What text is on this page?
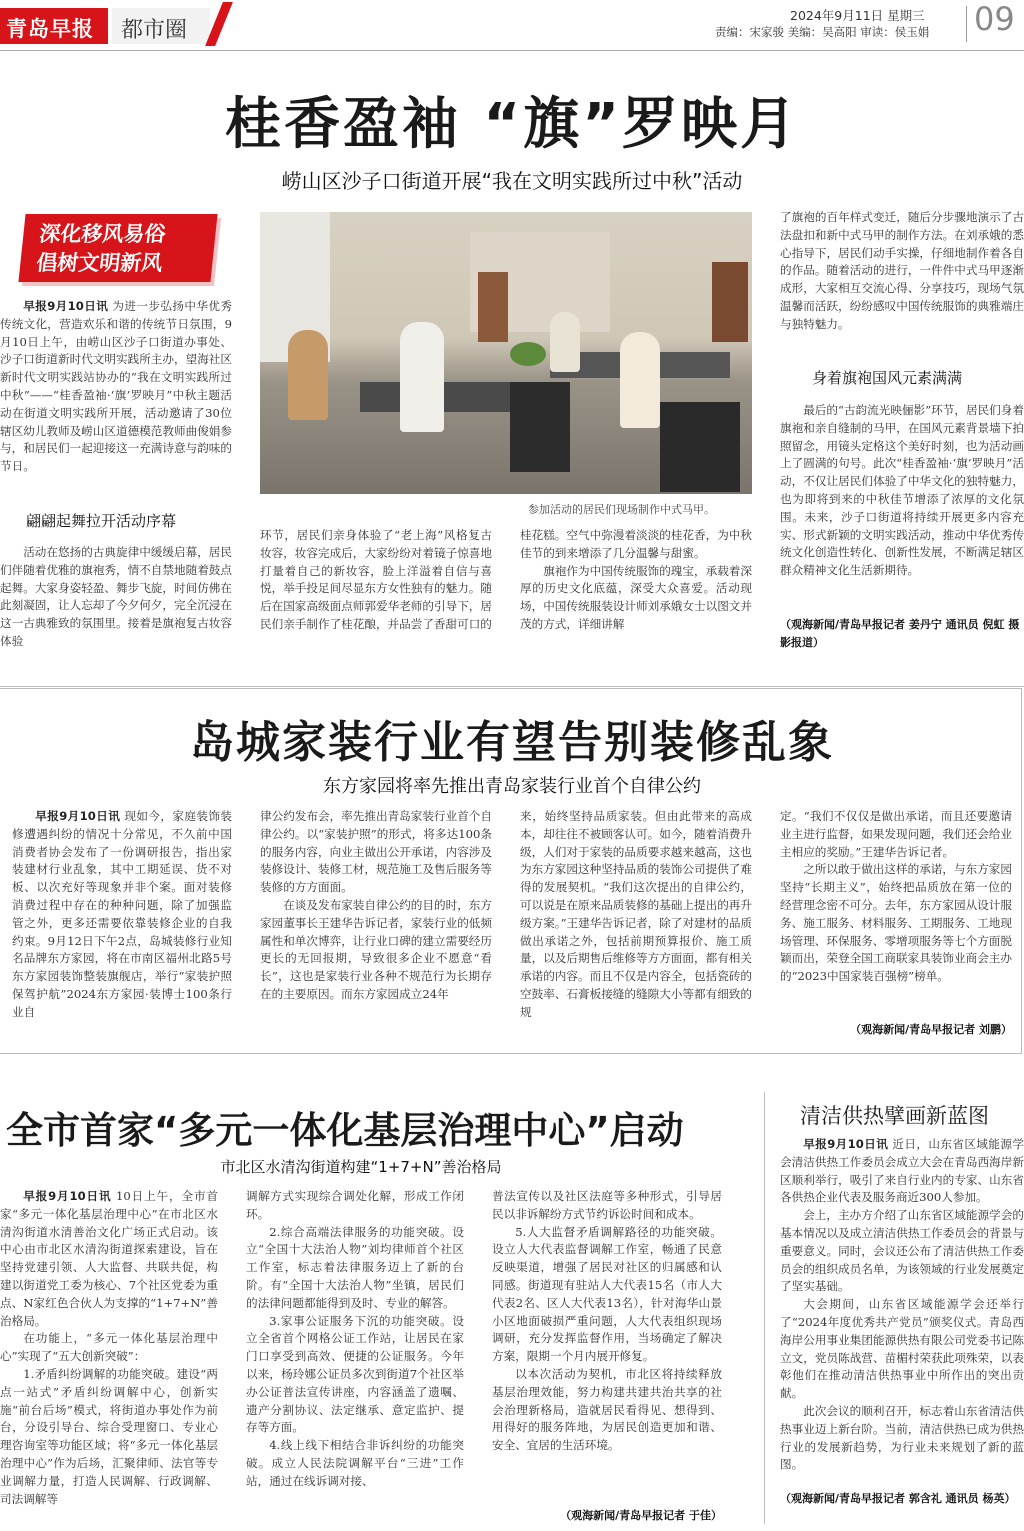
青岛早报 都市圈
2024年9月11日 星期三
责编：宋家骏 美编：吴高阳 审读：侯玉娟 09
桂香盈袖 “旗”罗映月
崂山区沙子口街道开展“我在文明实践所过中秋”活动
深化移风易俗
倡树文明新风
参加活动的居民们现场制作中式马甲。

早报9月10日讯 为进一步弘扬中华优秀传统文化，营造欢乐和谐的传统节日氛围，9月10日上午，由崂山区沙子口街道办事处、沙子口街道新时代文明实践所主办，望海社区新时代文明实践站协办的“我在文明实践所过中秋”——“桂香盈袖·‘旗’罗映月”中秋主题活动在街道文明实践所开展，活动邀请了30位辖区幼儿教师及崂山区道德模范教师曲俊娟参与，和居民们一起迎接这一充满诗意与韵味的节日。

翩翩起舞拉开活动序幕

活动在悠扬的古典旋律中缓缓启幕，居民们伴随着优雅的旗袍秀，情不自禁地随着鼓点起舞。大家身姿轻盈、舞步飞旋，时间仿佛在此刻凝固，让人忘却了今夕何夕，完全沉浸在这一古典雅致的氛围里。接着是旗袍复古妆容体验

环节，居民们亲身体验了“老上海”风格复古妆容，妆容完成后，大家纷纷对着镜子惊喜地打量着自己的新妆容，脸上洋溢着自信与喜悦，举手投足间尽显东方女性独有的魅力。随后在国家高级面点师郭爱华老师的引导下，居民们亲手制作了桂花酿，并品尝了香甜可口的

桂花糕。空气中弥漫着淡淡的桂花香，为中秋佳节的到来增添了几分温馨与甜蜜。

旗袍作为中国传统服饰的瑰宝，承载着深厚的历史文化底蕴，深受大众喜爱。活动现场，中国传统服装设计师刘承娥女士以图文并茂的方式，详细讲解

了旗袍的百年样式变迁，随后分步骤地演示了古法盘扣和新中式马甲的制作方法。在刘承娥的悉心指导下，居民们动手实操，仔细地制作着各自的作品。随着活动的进行，一件件中式马甲逐渐成形，大家相互交流心得、分享技巧，现场气氛温馨而活跃，纷纷感叹中国传统服饰的典雅端庄与独特魅力。

身着旗袍国风元素满满

最后的“古韵流光映俪影”环节，居民们身着旗袍和亲自缝制的马甲，在国风元素背景墙下拍照留念，用镜头定格这个美好时刻，也为活动画上了圆满的句号。此次“桂香盈袖·‘旗’罗映月”活动，不仅让居民们体验了中华文化的独特魅力，也为即将到来的中秋佳节增添了浓厚的文化氛围。未来，沙子口街道将持续开展更多内容充实、形式新颖的文明实践活动，推动中华优秀传统文化创造性转化、创新性发展，不断满足辖区群众精神文化生活新期待。

（观海新闻/青岛早报记者 姜丹宁 通讯员 倪虹 摄影报道）
岛城家装行业有望告别装修乱象
东方家园将率先推出青岛家装行业首个自律公约

早报9月10日讯 现如今，家庭装饰装修遭遇纠纷的情况十分常见，不久前中国消费者协会发布了一份调研报告，指出家装建材行业乱象，其中工期延误、货不对板、以次充好等现象并非个案。面对装修消费过程中存在的种种问题，除了加强监管之外，更多还需要依靠装修企业的自我约束。9月12日下午2点，岛城装修行业知名品牌东方家园，将在市南区福州北路5号东方家园装饰整装旗舰店，举行“家装护照 保驾护航”2024东方家园·装博士100条行业自

律公约发布会，率先推出青岛家装行业首个自律公约。以“家装护照”的形式，将多达100条的服务内容，向业主做出公开承诺，内容涉及装修设计、装修工材，规范施工及售后服务等装修的方方面面。

在谈及发布家装自律公约的目的时，东方家园董事长王建华告诉记者，家装行业的低频属性和单次博弈，让行业口碑的建立需要经历更长的无回报期，导致很多企业不愿意“看长”，这也是家装行业各种不规范行为长期存在的主要原因。而东方家园成立24年

来，始终坚持品质家装。但由此带来的高成本，却往往不被顾客认可。如今，随着消费升级，人们对于家装的品质要求越来越高，这也为东方家园这种坚持品质的装饰公司提供了难得的发展契机。“我们这次提出的自律公约，可以说是在原来品质装修的基础上提出的再升级方案。”王建华告诉记者，除了对建材的品质做出承诺之外，包括前期预算报价、施工质量，以及后期售后维修等方方面面，都有相关承诺的内容。而且不仅是内容全，包括瓷砖的空鼓率、石膏板接缝的缝隙大小等都有细致的规

定。“我们不仅仅是做出承诺，而且还要邀请业主进行监督，如果发现问题，我们还会给业主相应的奖励。”王建华告诉记者。

之所以敢于做出这样的承诺，与东方家园坚持“长期主义”，始终把品质放在第一位的经营理念密不可分。去年，东方家园从设计服务、施工服务、材料服务、工期服务、工地现场管理、环保服务、零增项服务等七个方面脱颖而出，荣登全国工商联家具装饰业商会主办的“2023中国家装百强榜”榜单。

（观海新闻/青岛早报记者 刘鹏）
全市首家“多元一体化基层治理中心”启动
市北区水清沟街道构建“1+7+N”善治格局

早报9月10日讯 10日上午，全市首家“多元一体化基层治理中心”在市北区水清沟街道水清善治文化广场正式启动。该中心由市北区水清沟街道探索建设，旨在坚持党建引领、人大监督、共联共促，构建以街道党工委为核心、7个社区党委为重点、N家红色合伙人为支撑的“1+7+N”善治格局。

在功能上，“多元一体化基层治理中心”实现了“五大创新突破”：

1.矛盾纠纷调解的功能突破。建设“两点一站式”矛盾纠纷调解中心，创新实施“前台后场”模式，将街道办事处作为前台，分设引导台、综合受理窗口、专业心理咨询室等功能区域；将“多元一体化基层治理中心”作为后场，汇聚律师、法官等专业调解力量，打造人民调解、行政调解、司法调解等

调解方式实现综合调处化解，形成工作闭环。

2.综合高端法律服务的功能突破。设立“全国十大法治人物”刘均律师首个社区工作室，标志着法律服务迈上了新的台阶。有“全国十大法治人物”坐镇，居民们的法律问题都能得到及时、专业的解答。

3.家事公证服务下沉的功能突破。设立全省首个网格公证工作站，让居民在家门口享受到高效、便捷的公证服务。今年以来，杨玲娜公证员多次到街道7个社区举办公证普法宣传讲座，内容涵盖了遗嘱、遗产分割协议、法定继承、意定监护、提存等方面。

4.线上线下相结合非诉纠纷的功能突破。成立人民法院调解平台“三进”工作站，通过在线诉调对接、

普法宣传以及社区法庭等多种形式，引导居民以非诉解纷方式节约诉讼时间和成本。

5.人大监督矛盾调解路径的功能突破。设立人大代表监督调解工作室，畅通了民意反映渠道，增强了居民对社区的归属感和认同感。街道现有驻站人大代表15名（市人大代表2名、区人大代表13名），针对海华山景小区地面破损严重问题，人大代表组织现场调研，充分发挥监督作用，当场确定了解决方案，限期一个月内展开修复。

以本次活动为契机，市北区将持续释放基层治理效能，努力构建共建共治共享的社会治理新格局，造就居民看得见、想得到、用得好的服务阵地，为居民创造更加和谐、安全、宜居的生活环境。

（观海新闻/青岛早报记者 于佳）
清洁供热擘画新蓝图

早报9月10日讯 近日，山东省区域能源学会清洁供热工作委员会成立大会在青岛西海岸新区顺利举行，吸引了来自行业内的专家、山东省各供热企业代表及服务商近300人参加。

会上，主办方介绍了山东省区域能源学会的基本情况以及成立清洁供热工作委员会的背景与重要意义。同时，会议还公布了清洁供热工作委员会的组织成员名单，为该领域的行业发展奠定了坚实基础。

大会期间，山东省区域能源学会还举行了“2024年度优秀共产党员”颁奖仪式。青岛西海岸公用事业集团能源供热有限公司党委书记陈立文，党员陈战营、苗楣村荣获此项殊荣，以表彰他们在推动清洁供热事业中所作出的突出贡献。

此次会议的顺利召开，标志着山东省清洁供热事业迈上新台阶。当前，清洁供热已成为供热行业的发展新趋势，为行业未来规划了新的蓝图。

（观海新闻/青岛早报记者 郭含礼 通讯员 杨英）
